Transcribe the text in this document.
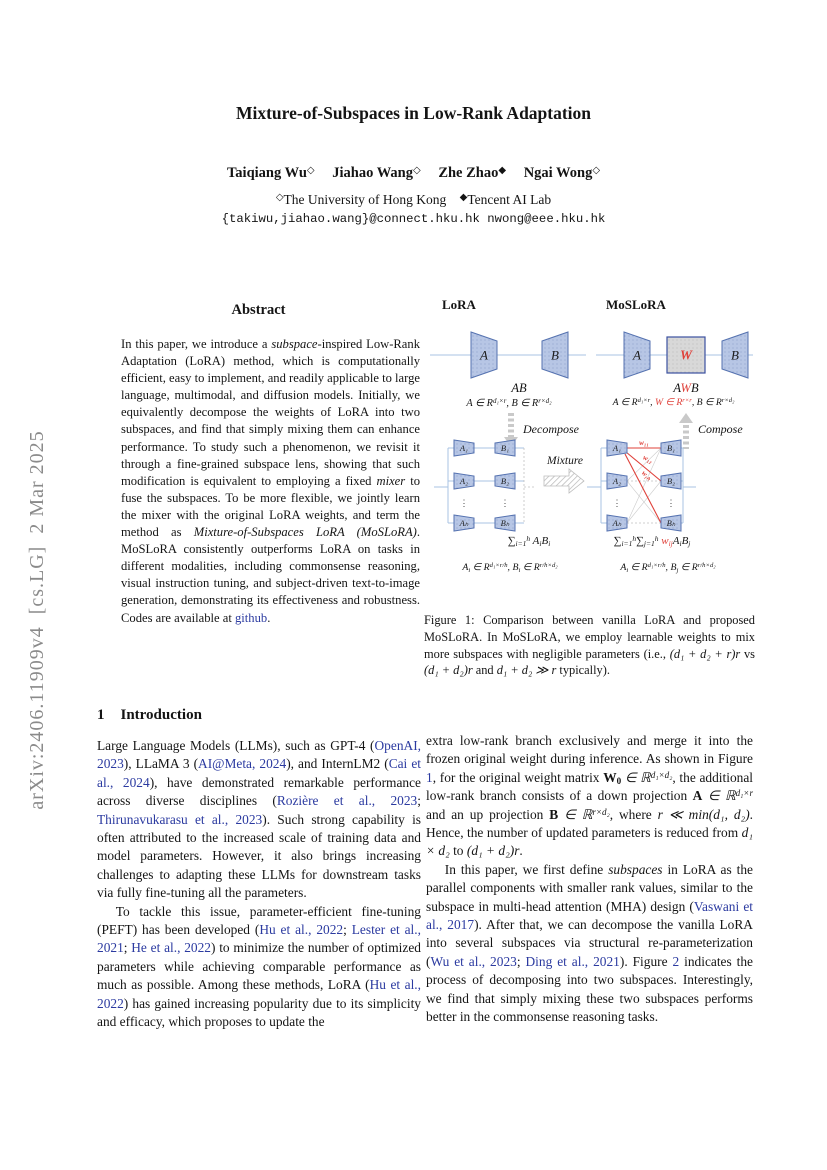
arXiv:2406.11909v4  [cs.LG]  2 Mar 2025
Mixture-of-Subspaces in Low-Rank Adaptation
Taiqiang Wu◇ Jiahao Wang◇ Zhe Zhao◆ Ngai Wong◇
◇The University of Hong Kong ◆Tencent AI Lab
{takiwu,jiahao.wang}@connect.hku.hk nwong@eee.hku.hk
Abstract
In this paper, we introduce a subspace-inspired Low-Rank Adaptation (LoRA) method, which is computationally efficient, easy to implement, and readily applicable to large language, multimodal, and diffusion models. Initially, we equivalently decompose the weights of LoRA into two subspaces, and find that simply mixing them can enhance performance. To study such a phenomenon, we revisit it through a fine-grained subspace lens, showing that such modification is equivalent to employing a fixed mixer to fuse the subspaces. To be more flexible, we jointly learn the mixer with the original LoRA weights, and term the method as Mixture-of-Subspaces LoRA (MoSLoRA). MoSLoRA consistently outperforms LoRA on tasks in different modalities, including commonsense reasoning, visual instruction tuning, and subject-driven text-to-image generation, demonstrating its effectiveness and robustness. Codes are available at github.
1 Introduction

Large Language Models (LLMs), such as GPT-4 (OpenAI, 2023), LLaMA 3 (AI@Meta, 2024), and InternLM2 (Cai et al., 2024), have demonstrated remarkable performance across diverse disciplines (Rozière et al., 2023; Thirunavukarasu et al., 2023). Such strong capability is often attributed to the increased scale of training data and model parameters. However, it also brings increasing challenges to adapting these LLMs for downstream tasks via fully fine-tuning all the parameters.

To tackle this issue, parameter-efficient fine-tuning (PEFT) has been developed (Hu et al., 2022; Lester et al., 2021; He et al., 2022) to minimize the number of optimized parameters while achieving comparable performance as much as possible. Among these methods, LoRA (Hu et al., 2022) has gained increasing popularity due to its simplicity and efficacy, which proposes to update the

A	B	A	W	B
A₁
A₂
Aₕ
B₁
B₂
Bₕ
⋮	⋮
A₁
A₂
Aₕ
B₁
B₂
Bₕ
⋮	⋮
w₁₁
w₁₂
w₁ₕ
LoRA	MoSLoRA
AB	AWB
A ∈ $R^{d_1\times r}$, B ∈ $R^{r\times d_2}$	A ∈ $R^{d_1\times r}$, W ∈ $R^{r\times r}$, B ∈ $R^{r\times d_2}$
Decompose	Compose
Mixture
$\sum_{i=1}^h$ $A_iB_i$	$\sum_{i=1}^h\sum_{j=1}^h$ $w_{ij}A_iB_j$
$A_i$ ∈ $R^{d_1\times r/h}$, $B_i$ ∈ $R^{r/h\times d_2}$	$A_i$ ∈ $R^{d_1\times r/h}$, $B_j$ ∈ $R^{r/h\times d_2}$
Figure 1: Comparison between vanilla LoRA and proposed MoSLoRA. In MoSLoRA, we employ learnable weights to mix more subspaces with negligible parameters (i.e., (d₁ + d₂ + r)r vs (d₁ + d₂)r and d₁ + d₂ ≫ r typically).

extra low-rank branch exclusively and merge it into the frozen original weight during inference. As shown in Figure 1, for the original weight matrix $W_0$ ∈ ℝ$^{d_1\times d_2}$, the additional low-rank branch consists of a down projection A ∈ ℝ$^{d_1\times r}$ and an up projection B ∈ ℝ$^{r\times d_2}$, where r ≪ min(d₁, d₂). Hence, the number of updated parameters is reduced from d₁ × d₂ to (d₁ + d₂)r.

In this paper, we first define subspaces in LoRA as the parallel components with smaller rank values, similar to the subspace in multi-head attention (MHA) design (Vaswani et al., 2017). After that, we can decompose the vanilla LoRA into several subspaces via structural re-parameterization (Wu et al., 2023; Ding et al., 2021). Figure 2 indicates the process of decomposing into two subspaces. Interestingly, we find that simply mixing these two subspaces performs better in the commonsense reasoning tasks.
